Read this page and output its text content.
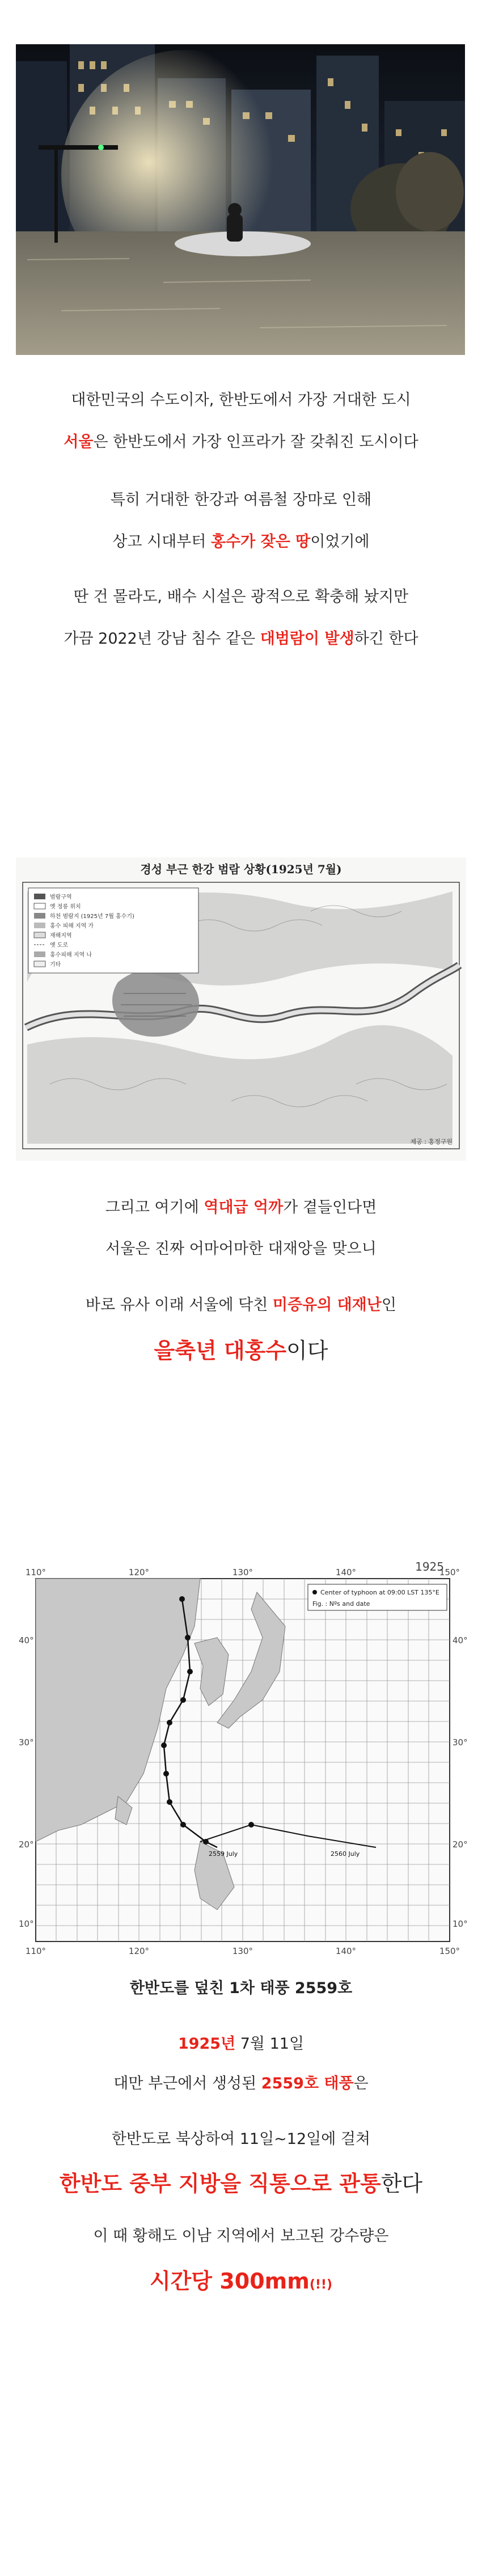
대한민국의 수도이자, 한반도에서 가장 거대한 도시
서울은 한반도에서 가장 인프라가 잘 갖춰진 도시이다
특히 거대한 한강과 여름철 장마로 인해
상고 시대부터 홍수가 잦은 땅이었기에
딴 건 몰라도, 배수 시설은 광적으로 확충해 놨지만
가끔 2022년 강남 침수 같은 대범람이 발생하긴 한다
경성 부근 한강 범람 상황(1925년 7월)
범람구역
옛 정릉 위치
하천 범람지 (1925년 7월 홍수기)
홍수 피해 지역 가
재해지역
옛 도로
홍수피해 지역 나
기타
제공 : 홍정구원
그리고 여기에 역대급 억까가 곁들인다면
서울은 진짜 어마어마한 대재앙을 맞으니
바로 유사 이래 서울에 닥친 미증유의 대재난인
을축년 대홍수이다
1925
Center of typhoon at 09:00 LST 135°E
Fig. : Nºs and date
2559 July	2560 July
110°	120°	130°	140°	150°
110°	120°	130°	140°	150°
40°
30°
20°
10°
40°
30°
20°
10°
한반도를 덮친 1차 태풍 2559호
1925년 7월 11일
대만 부근에서 생성된 2559호 태풍은
한반도로 북상하여 11일~12일에 걸쳐
한반도 중부 지방을 직통으로 관통한다
이 때 황해도 이남 지역에서 보고된 강수량은
시간당 300mm(!!)
